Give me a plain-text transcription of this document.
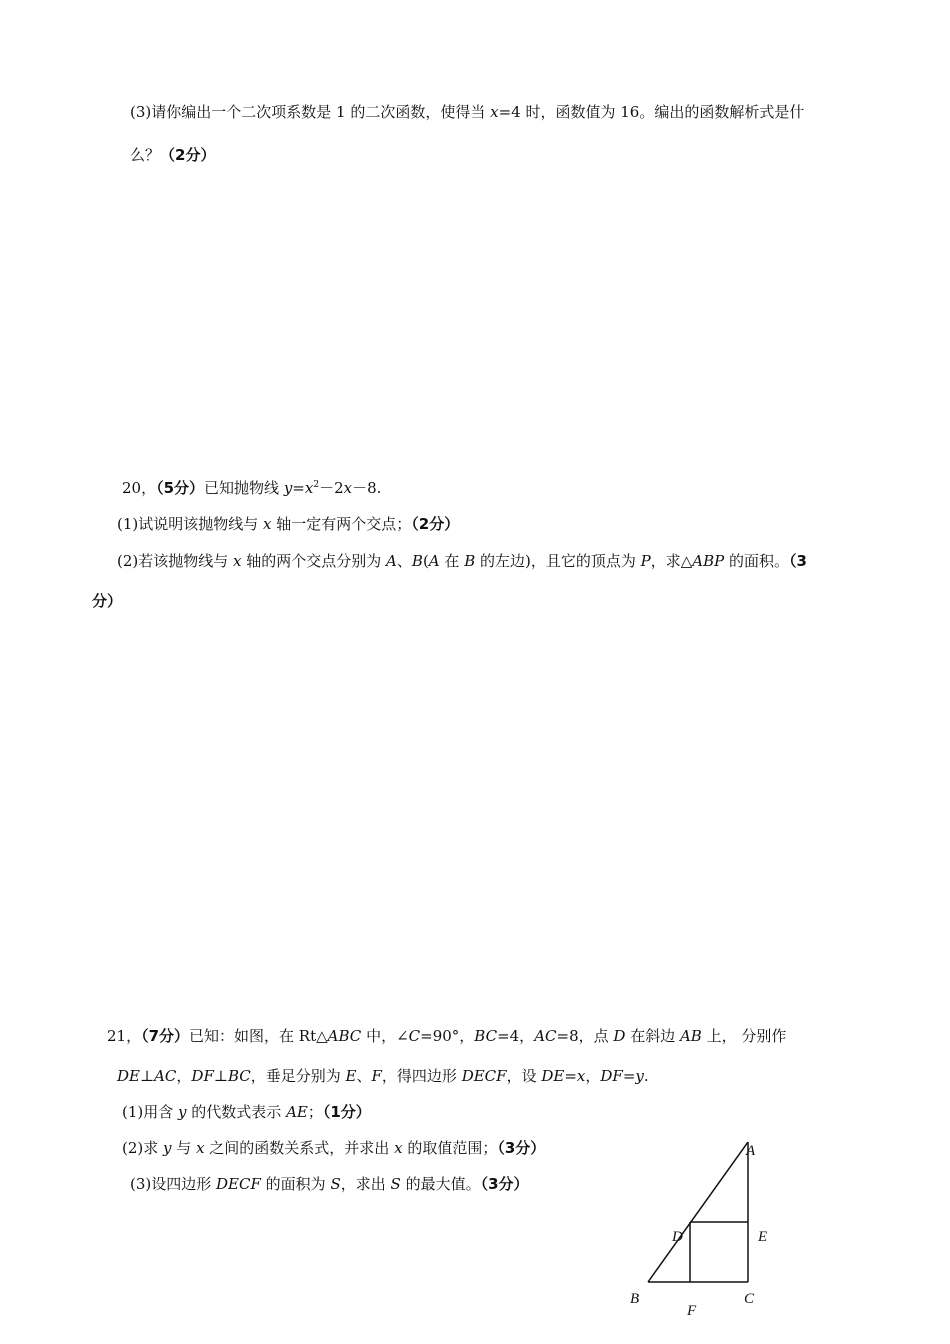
(3)请你编出一个二次项系数是 1 的二次函数，使得当 x=4 时，函数值为 16。编出的函数解析式是什
么？（2分）
20，（5分）已知抛物线 $y=x^2-2x-8$.
(1)试说明该抛物线与 x 轴一定有两个交点；（2分）
(2)若该抛物线与 x 轴的两个交点分别为 A、B(A 在 B 的左边)，且它的顶点为 P，求△ABP 的面积。（3
分）
21，（7分）已知：如图，在 Rt△ABC 中，∠C=90°，BC=4，AC=8，点 D 在斜边 AB 上， 分别作
DE⊥AC，DF⊥BC，垂足分别为 E、F，得四边形 DECF，设 DE=x，DF=y.
(1)用含 y 的代数式表示 AE；（1分）
(2)求 y 与 x 之间的函数关系式，并求出 x 的取值范围；（3分）
(3)设四边形 DECF 的面积为 S，求出 S 的最大值。（3分）
A
B	C
D	E
F
